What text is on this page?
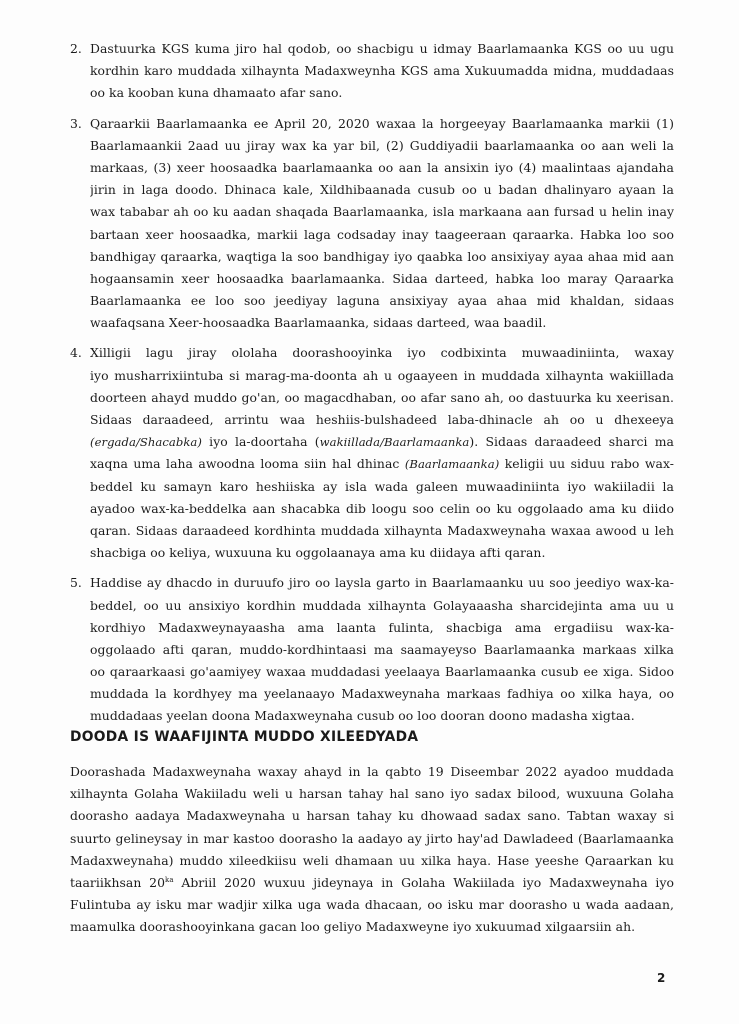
2. Dastuurka KGS kuma jiro hal qodob, oo shacbigu u idmay Baarlamaanka KGS oo uu ugu
kordhin karo muddada xilhaynta Madaxweynha KGS ama Xukuumadda midna, muddadaas
oo ka kooban kuna dhamaato afar sano.
3. Qaraarkii Baarlamaanka ee April 20, 2020 waxaa la horgeeyay Baarlamaanka markii (1)
Baarlamaankii 2aad uu jiray wax ka yar bil, (2) Guddiyadii baarlamaanka oo aan weli la
markaas, (3) xeer hoosaadka baarlamaanka oo aan la ansixin iyo (4) maalintaas ajandaha
jirin in laga doodo. Dhinaca kale, Xildhibaanada cusub oo u badan dhalinyaro ayaan la
wax tababar ah oo ku aadan shaqada Baarlamaanka, isla markaana aan fursad u helin inay
bartaan xeer hoosaadka, markii laga codsaday inay taageeraan qaraarka. Habka loo soo
bandhigay qaraarka, waqtiga la soo bandhigay iyo qaabka loo ansixiyay ayaa ahaa mid aan
hogaansamin xeer hoosaadka baarlamaanka. Sidaa darteed, habka loo maray Qaraarka
Baarlamaanka ee loo soo jeediyay laguna ansixiyay ayaa ahaa mid khaldan, sidaas
waafaqsana Xeer-hoosaadka Baarlamaanka, sidaas darteed, waa baadil.
4. Xilligii lagu jiray ololaha doorashooyinka iyo codbixinta muwaadiniinta, waxay
iyo musharrixiintuba si marag-ma-doonta ah u ogaayeen in muddada xilhaynta wakiillada
doorteen ahayd muddo go'an, oo magacdhaban, oo afar sano ah, oo dastuurka ku xeerisan.
Sidaas daraadeed, arrintu waa heshiis-bulshadeed laba-dhinacle ah oo u dhexeeya
(ergada/Shacabka) iyo la-doortaha (wakiillada/Baarlamaanka). Sidaas daraadeed sharci ma
xaqna uma laha awoodna looma siin hal dhinac (Baarlamaanka) keligii uu siduu rabo wax-
beddel ku samayn karo heshiiska ay isla wada galeen muwaadiniinta iyo wakiiladii la
ayadoo wax-ka-beddelka aan shacabka dib loogu soo celin oo ku oggolaado ama ku diido
qaran. Sidaas daraadeed kordhinta muddada xilhaynta Madaxweynaha waxaa awood u leh
shacbiga oo keliya, wuxuuna ku oggolaanaya ama ku diidaya afti qaran.
5. Haddise ay dhacdo in duruufo jiro oo laysla garto in Baarlamaanku uu soo jeediyo wax-ka-
beddel, oo uu ansixiyo kordhin muddada xilhaynta Golayaaasha sharcidejinta ama uu u
kordhiyo Madaxweynayaasha ama laanta fulinta, shacbiga ama ergadiisu wax-ka-
oggolaado afti qaran, muddo-kordhintaasi ma saamayeyso Baarlamaanka markaas xilka
oo qaraarkaasi go'aamiyey waxaa muddadasi yeelaaya Baarlamaanka cusub ee xiga. Sidoo
muddada la kordhyey ma yeelanaayo Madaxweynaha markaas fadhiya oo xilka haya, oo
muddadaas yeelan doona Madaxweynaha cusub oo loo dooran doono madasha xigtaa.
DOODA IS WAAFIJINTA MUDDO XILEEDYADA
Doorashada Madaxweynaha waxay ahayd in la qabto 19 Diseembar 2022 ayadoo muddada
xilhaynta Golaha Wakiiladu weli u harsan tahay hal sano iyo sadax bilood, wuxuuna Golaha
doorasho aadaya Madaxweynaha u harsan tahay ku dhowaad sadax sano. Tabtan waxay si
suurto gelineysay in mar kastoo doorasho la aadayo ay jirto hay'ad Dawladeed (Baarlamaanka
Madaxweynaha) muddo xileedkiisu weli dhamaan uu xilka haya. Hase yeeshe Qaraarkan ku
taariikhsan $20^{ka}$ Abriil 2020 wuxuu jideynaya in Golaha Wakiilada iyo Madaxweynaha iyo
Fulintuba ay isku mar wadjir xilka uga wada dhacaan, oo isku mar doorasho u wada aadaan,
maamulka doorashooyinkana gacan loo geliyo Madaxweyne iyo xukuumad xilgaarsiin ah.
2
